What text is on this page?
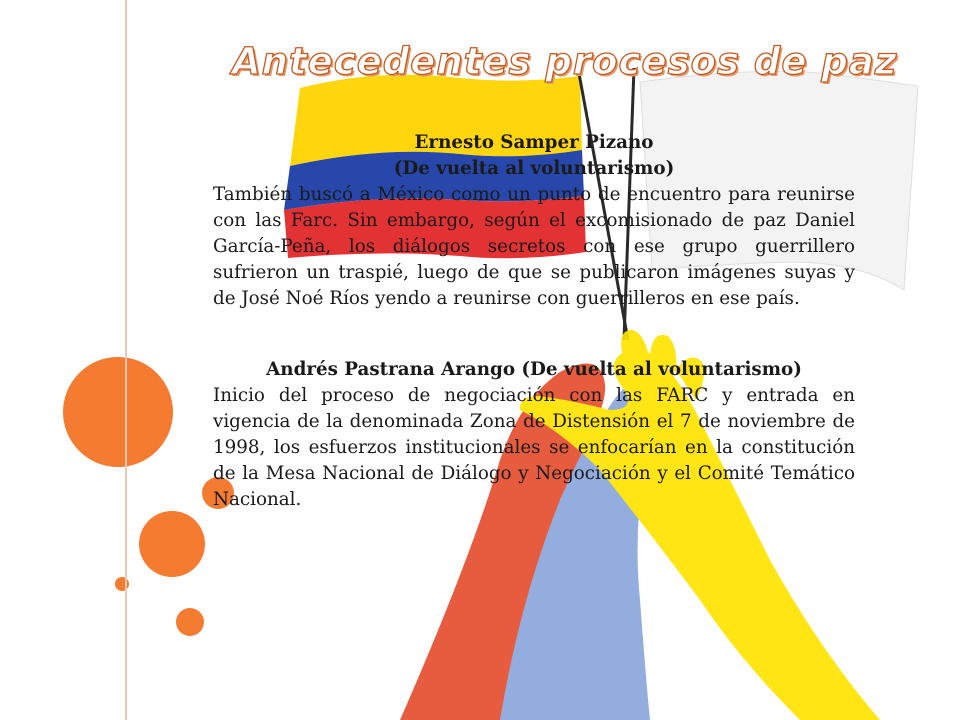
Antecedentes procesos de paz

Ernesto Samper Pizano
(De vuelta al voluntarismo)

También buscó a México como un punto de encuentro para reunirse con las Farc. Sin embargo, según el excomisionado de paz Daniel García-Peña, los diálogos secretos con ese grupo guerrillero sufrieron un traspié, luego de que se publicaron imágenes suyas y de José Noé Ríos yendo a reunirse con guerrilleros en ese país.

Andrés Pastrana Arango (De vuelta al voluntarismo)

Inicio del proceso de negociación con las FARC y entrada en vigencia de la denominada Zona de Distensión el 7 de noviembre de 1998, los esfuerzos institucionales se enfocarían en la constitución de la Mesa Nacional de Diálogo y Negociación y el Comité Temático Nacional.
